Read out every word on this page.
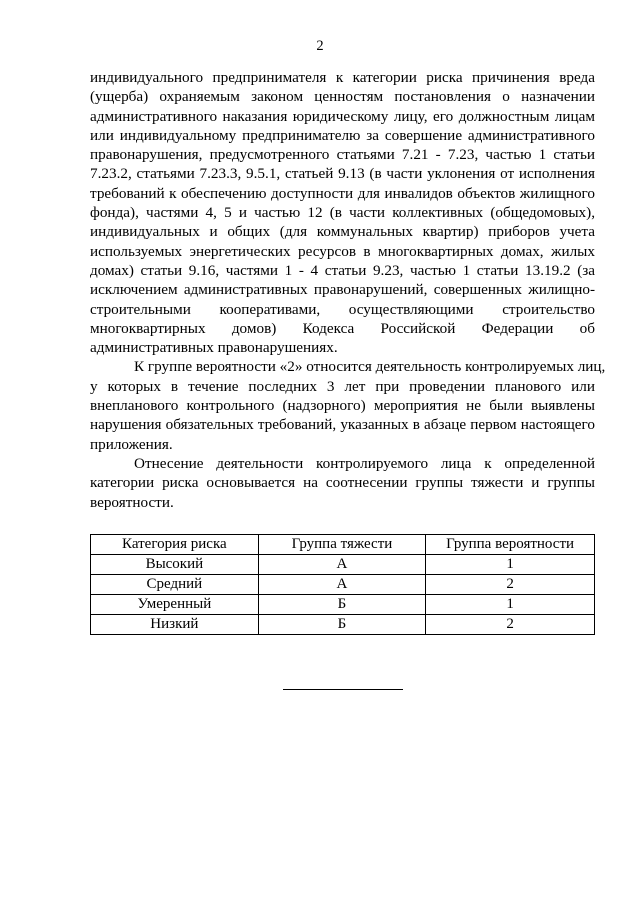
2
индивидуального предпринимателя к категории риска причинения вреда
(ущерба) охраняемым законом ценностям постановления о назначении
административного наказания юридическому лицу, его должностным лицам
или индивидуальному предпринимателю за совершение административного
правонарушения, предусмотренного статьями 7.21 - 7.23, частью 1 статьи
7.23.2, статьями 7.23.3, 9.5.1, статьей 9.13 (в части уклонения от исполнения
требований к обеспечению доступности для инвалидов объектов жилищного
фонда), частями 4, 5 и частью 12 (в части коллективных (общедомовых),
индивидуальных и общих (для коммунальных квартир) приборов учета
используемых энергетических ресурсов в многоквартирных домах, жилых
домах) статьи 9.16, частями 1 - 4 статьи 9.23, частью 1 статьи 13.19.2 (за
исключением административных правонарушений, совершенных жилищно-
строительными кооперативами, осуществляющими строительство
многоквартирных домов) Кодекса Российской Федерации об
административных правонарушениях.
К группе вероятности «2» относится деятельность контролируемых лиц,
у которых в течение последних 3 лет при проведении планового или
внепланового контрольного (надзорного) мероприятия не были выявлены
нарушения обязательных требований, указанных в абзаце первом настоящего
приложения.
Отнесение деятельности контролируемого лица к определенной
категории риска основывается на соотнесении группы тяжести и группы
вероятности.
Категория риска	Группа тяжести	Группа вероятности
Высокий	А	1
Средний	А	2
Умеренный	Б	1
Низкий	Б	2
